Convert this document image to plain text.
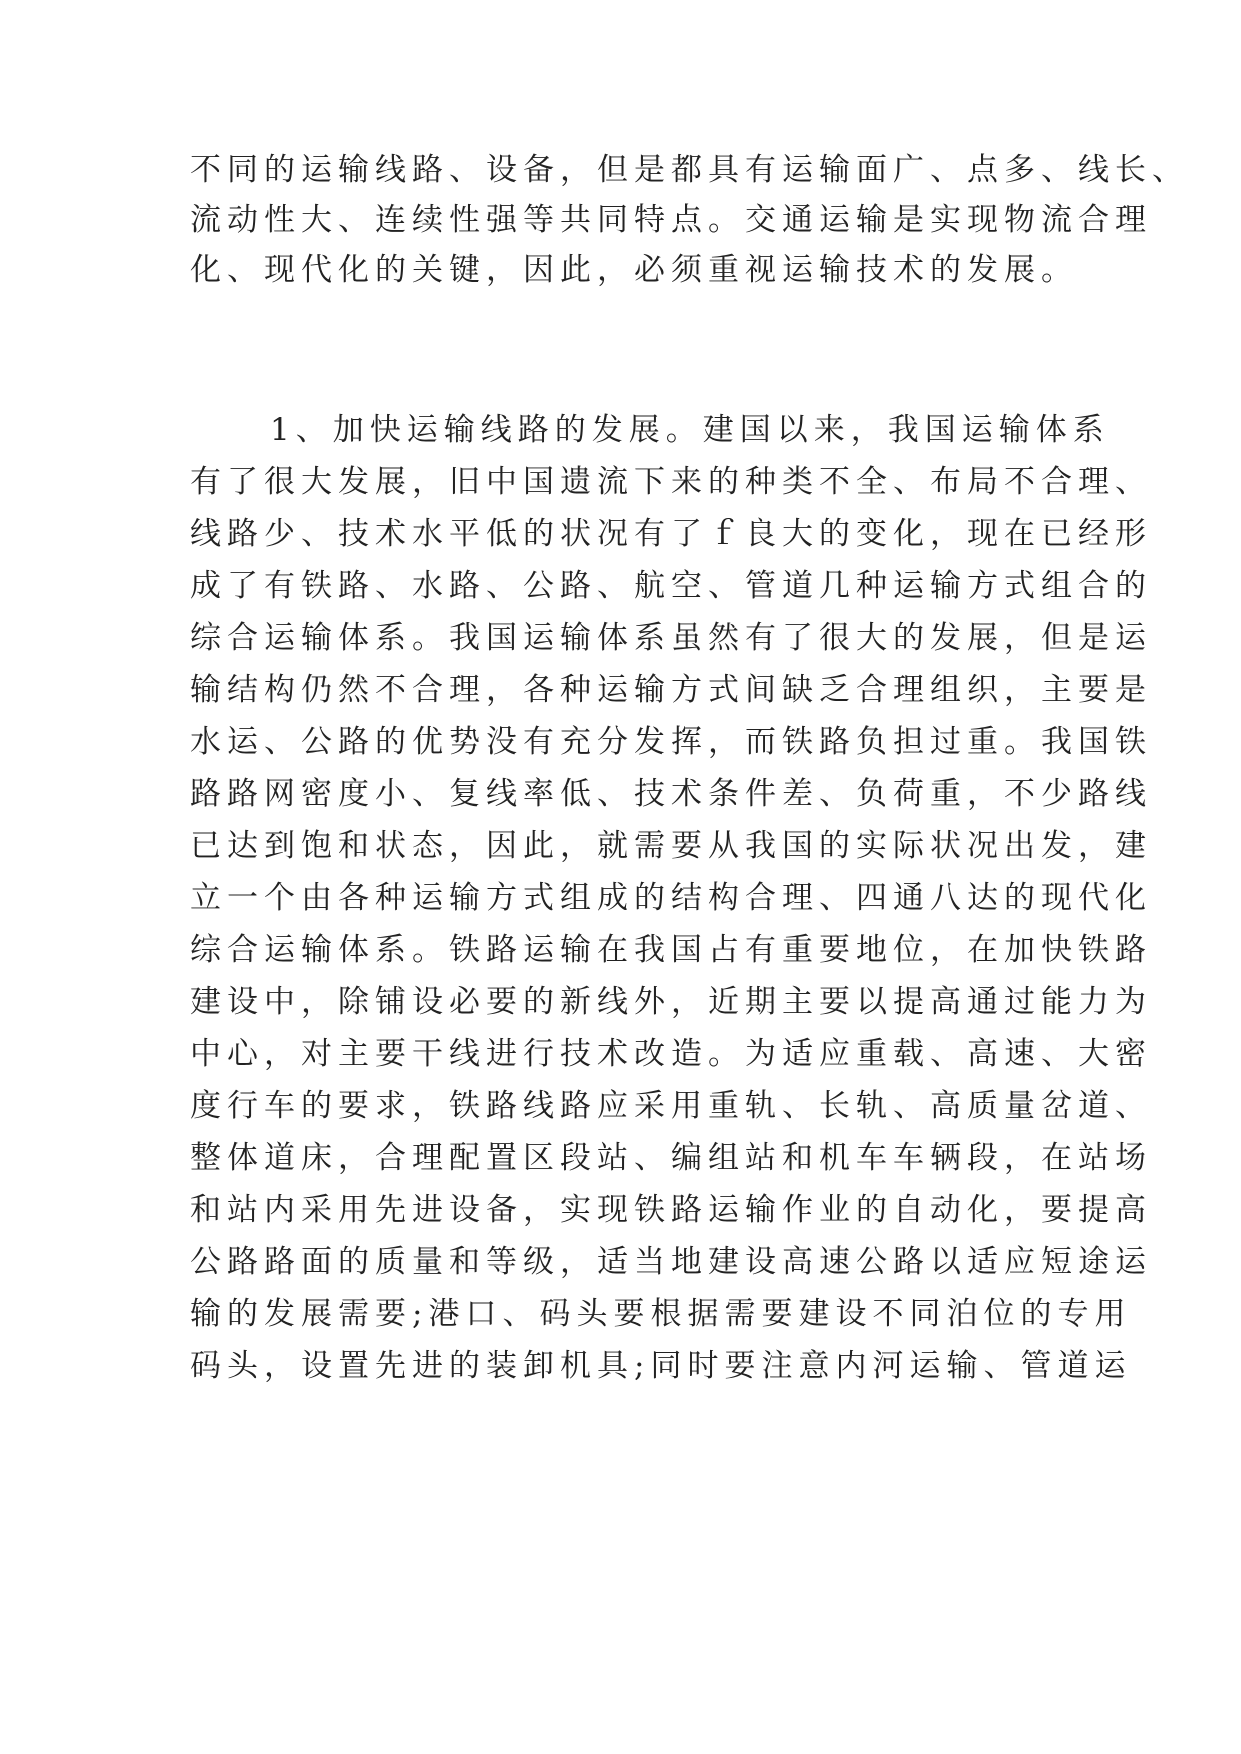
不同的运输线路、设备，但是都具有运输面广、点多、线长、
流动性大、连续性强等共同特点。交通运输是实现物流合理
化、现代化的关键，因此，必须重视运输技术的发展。
1、加快运输线路的发展。建国以来，我国运输体系
有了很大发展，旧中国遗流下来的种类不全、布局不合理、
线路少、技术水平低的状况有了ｆ良大的变化，现在已经形
成了有铁路、水路、公路、航空、管道几种运输方式组合的
综合运输体系。我国运输体系虽然有了很大的发展，但是运
输结构仍然不合理，各种运输方式间缺乏合理组织，主要是
水运、公路的优势没有充分发挥，而铁路负担过重。我国铁
路路网密度小、复线率低、技术条件差、负荷重，不少路线
已达到饱和状态，因此，就需要从我国的实际状况出发，建
立一个由各种运输方式组成的结构合理、四通八达的现代化
综合运输体系。铁路运输在我国占有重要地位，在加快铁路
建设中，除铺设必要的新线外，近期主要以提高通过能力为
中心，对主要干线进行技术改造。为适应重载、高速、大密
度行车的要求，铁路线路应采用重轨、长轨、高质量岔道、
整体道床，合理配置区段站、编组站和机车车辆段，在站场
和站内采用先进设备，实现铁路运输作业的自动化，要提高
公路路面的质量和等级，适当地建设高速公路以适应短途运
输的发展需要;港口、码头要根据需要建设不同泊位的专用
码头，设置先进的装卸机具;同时要注意内河运输、管道运
